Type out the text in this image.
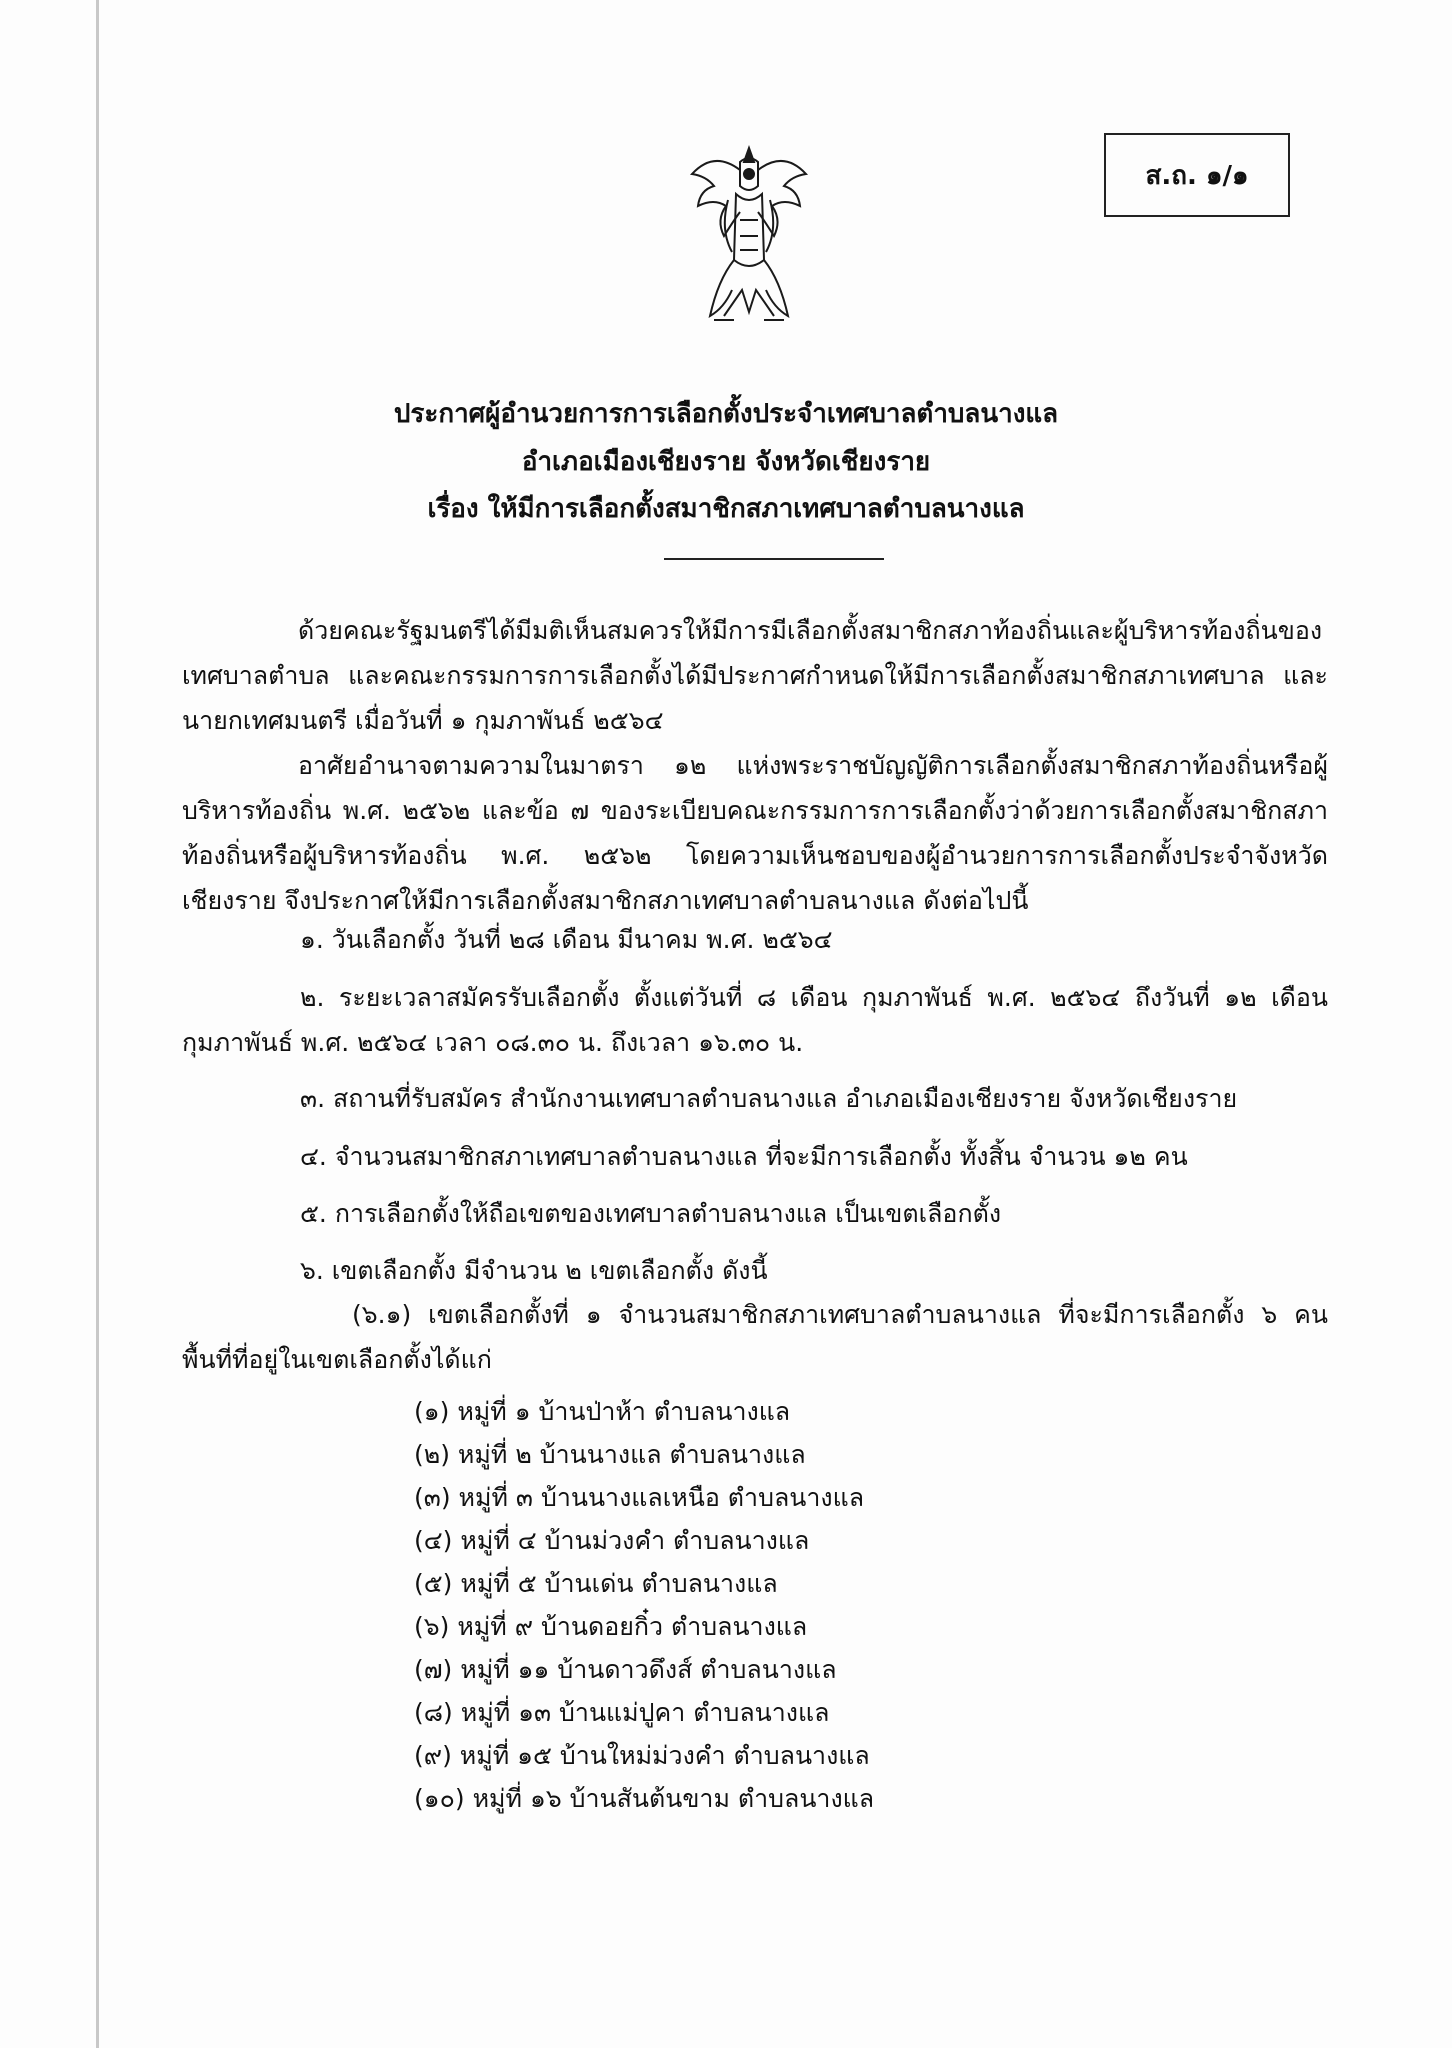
ส.ถ. ๑/๑
ประกาศผู้อำนวยการการเลือกตั้งประจำเทศบาลตำบลนางแล
อำเภอเมืองเชียงราย จังหวัดเชียงราย
เรื่อง ให้มีการเลือกตั้งสมาชิกสภาเทศบาลตำบลนางแล
ด้วยคณะรัฐมนตรีได้มีมติเห็นสมควรให้มีการมีเลือกตั้งสมาชิกสภาท้องถิ่นและผู้บริหารท้องถิ่นของเทศบาลตำบล และคณะกรรมการการเลือกตั้งได้มีประกาศกำหนดให้มีการเลือกตั้งสมาชิกสภาเทศบาล และนายกเทศมนตรี เมื่อวันที่ ๑ กุมภาพันธ์ ๒๕๖๔
อาศัยอำนาจตามความในมาตรา ๑๒ แห่งพระราชบัญญัติการเลือกตั้งสมาชิกสภาท้องถิ่นหรือผู้บริหารท้องถิ่น พ.ศ. ๒๕๖๒ และข้อ ๗ ของระเบียบคณะกรรมการการเลือกตั้งว่าด้วยการเลือกตั้งสมาชิกสภาท้องถิ่นหรือผู้บริหารท้องถิ่น พ.ศ. ๒๕๖๒ โดยความเห็นชอบของผู้อำนวยการการเลือกตั้งประจำจังหวัด เชียงราย จึงประกาศให้มีการเลือกตั้งสมาชิกสภาเทศบาลตำบลนางแล ดังต่อไปนี้
๑. วันเลือกตั้ง วันที่ ๒๘ เดือน มีนาคม พ.ศ. ๒๕๖๔
๒. ระยะเวลาสมัครรับเลือกตั้ง ตั้งแต่วันที่ ๘ เดือน กุมภาพันธ์ พ.ศ. ๒๕๖๔ ถึงวันที่ ๑๒ เดือน กุมภาพันธ์ พ.ศ. ๒๕๖๔ เวลา ๐๘.๓๐ น. ถึงเวลา ๑๖.๓๐ น.
๓. สถานที่รับสมัคร สำนักงานเทศบาลตำบลนางแล อำเภอเมืองเชียงราย จังหวัดเชียงราย
๔. จำนวนสมาชิกสภาเทศบาลตำบลนางแล ที่จะมีการเลือกตั้ง ทั้งสิ้น จำนวน ๑๒ คน
๕. การเลือกตั้งให้ถือเขตของเทศบาลตำบลนางแล เป็นเขตเลือกตั้ง
๖. เขตเลือกตั้ง มีจำนวน ๒ เขตเลือกตั้ง ดังนี้
(๖.๑) เขตเลือกตั้งที่ ๑ จำนวนสมาชิกสภาเทศบาลตำบลนางแล ที่จะมีการเลือกตั้ง ๖ คน พื้นที่ที่อยู่ในเขตเลือกตั้งได้แก่
(๑) หมู่ที่ ๑ บ้านป่าห้า ตำบลนางแล
(๒) หมู่ที่ ๒ บ้านนางแล ตำบลนางแล
(๓) หมู่ที่ ๓ บ้านนางแลเหนือ ตำบลนางแล
(๔) หมู่ที่ ๔ บ้านม่วงคำ ตำบลนางแล
(๕) หมู่ที่ ๕ บ้านเด่น ตำบลนางแล
(๖) หมู่ที่ ๙ บ้านดอยกิ๋ว ตำบลนางแล
(๗) หมู่ที่ ๑๑ บ้านดาวดึงส์ ตำบลนางแล
(๘) หมู่ที่ ๑๓ บ้านแม่ปูคา ตำบลนางแล
(๙) หมู่ที่ ๑๕ บ้านใหม่ม่วงคำ ตำบลนางแล
(๑๐) หมู่ที่ ๑๖ บ้านสันต้นขาม ตำบลนางแล
